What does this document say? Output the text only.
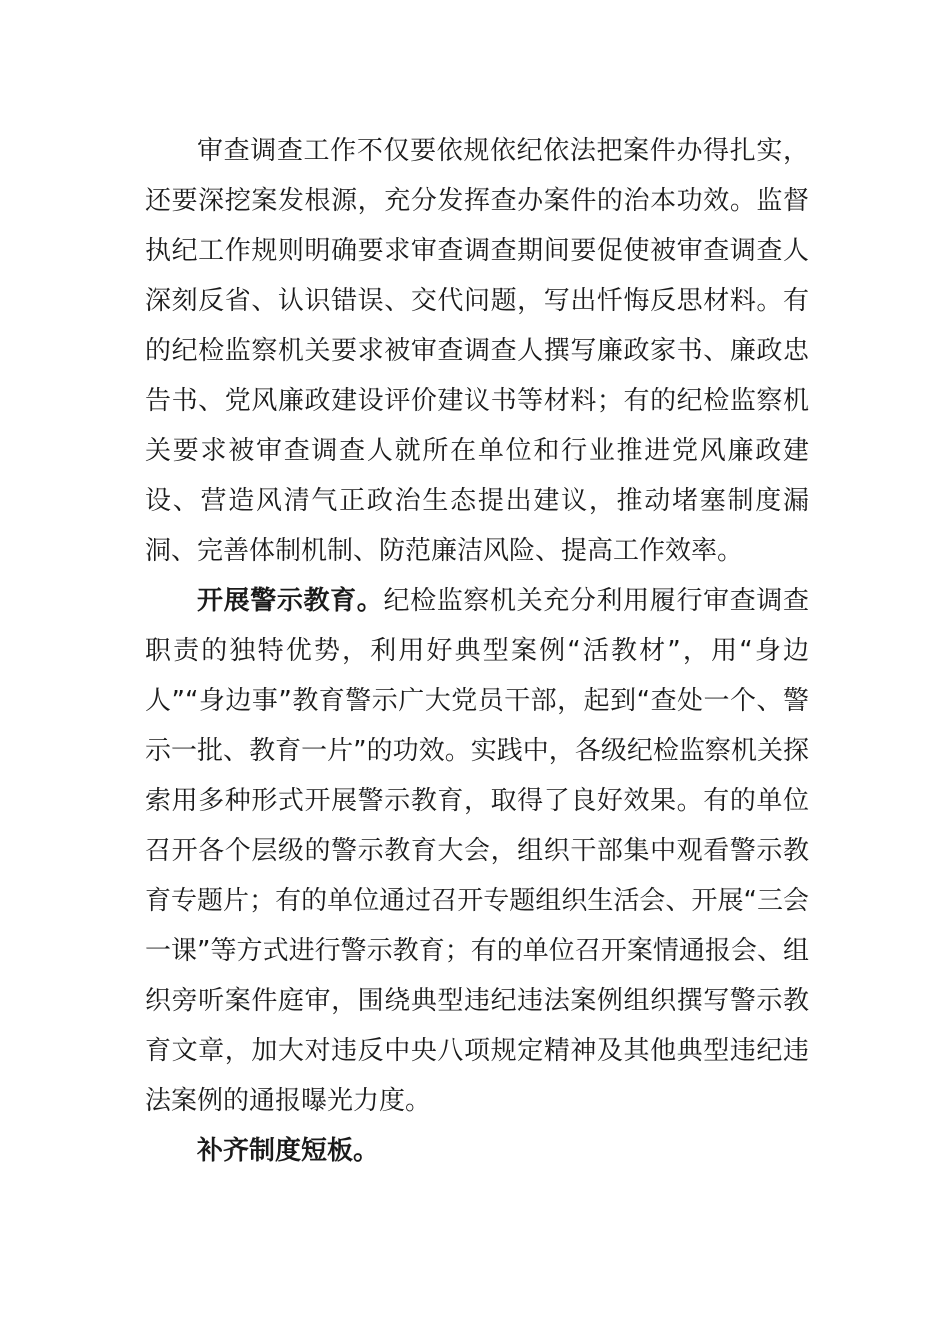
审查调查工作不仅要依规依纪依法把案件办得扎实，还要深挖案发根源，充分发挥查办案件的治本功效。监督执纪工作规则明确要求审查调查期间要促使被审查调查人深刻反省、认识错误、交代问题，写出忏悔反思材料。有的纪检监察机关要求被审查调查人撰写廉政家书、廉政忠告书、党风廉政建设评价建议书等材料；有的纪检监察机关要求被审查调查人就所在单位和行业推进党风廉政建设、营造风清气正政治生态提出建议，推动堵塞制度漏洞、完善体制机制、防范廉洁风险、提高工作效率。

开展警示教育。纪检监察机关充分利用履行审查调查职责的独特优势，利用好典型案例“活教材”，用“身边人”“身边事”教育警示广大党员干部，起到“查处一个、警示一批、教育一片”的功效。实践中，各级纪检监察机关探索用多种形式开展警示教育，取得了良好效果。有的单位召开各个层级的警示教育大会，组织干部集中观看警示教育专题片；有的单位通过召开专题组织生活会、开展“三会一课”等方式进行警示教育；有的单位召开案情通报会、组织旁听案件庭审，围绕典型违纪违法案例组织撰写警示教育文章，加大对违反中央八项规定精神及其他典型违纪违法案例的通报曝光力度。

补齐制度短板。
